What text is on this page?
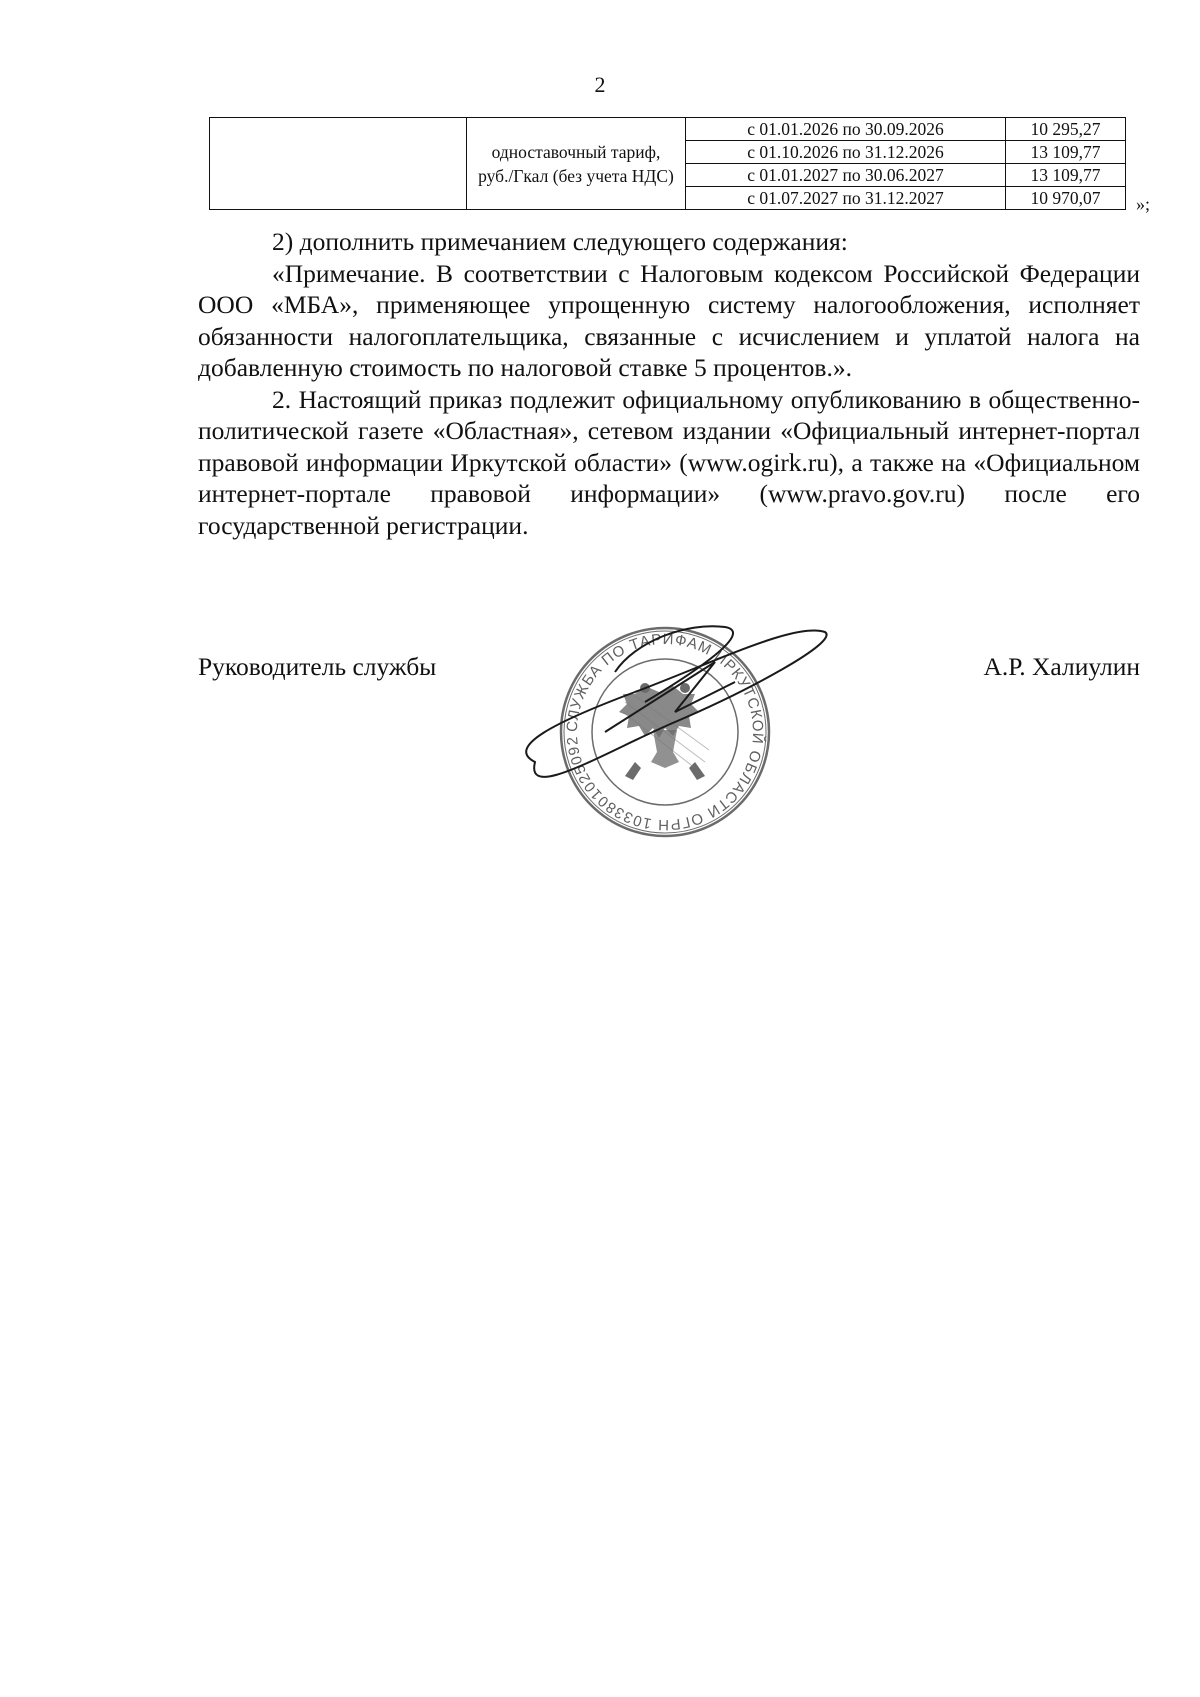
2
	одноставочный тариф, руб./Гкал (без учета НДС)	с 01.01.2026 по 30.09.2026	10 295,27
		с 01.10.2026 по 31.12.2026	13 109,77
		с 01.01.2027 по 30.06.2027	13 109,77
		с 01.07.2027 по 31.12.2027	10 970,07 »;

2) дополнить примечанием следующего содержания:

«Примечание. В соответствии с Налоговым кодексом Российской Федерации ООО «МБА», применяющее упрощенную систему налогообложения, исполняет обязанности налогоплательщика, связанные с исчислением и уплатой налога на добавленную стоимость по налоговой ставке 5 процентов.».

2. Настоящий приказ подлежит официальному опубликованию в общественно-политической газете «Областная», сетевом издании «Официальный интернет-портал правовой информации Иркутской области» (www.ogirk.ru), а также на «Официальном интернет-портале правовой информации» (www.pravo.gov.ru) после его государственной регистрации.

Руководитель службы	А.Р. Халиулин
СЛУЖБА ПО ТАРИФАМ ИРКУТСКОЙ ОБЛАСТИ ОГРН 1033801025092
